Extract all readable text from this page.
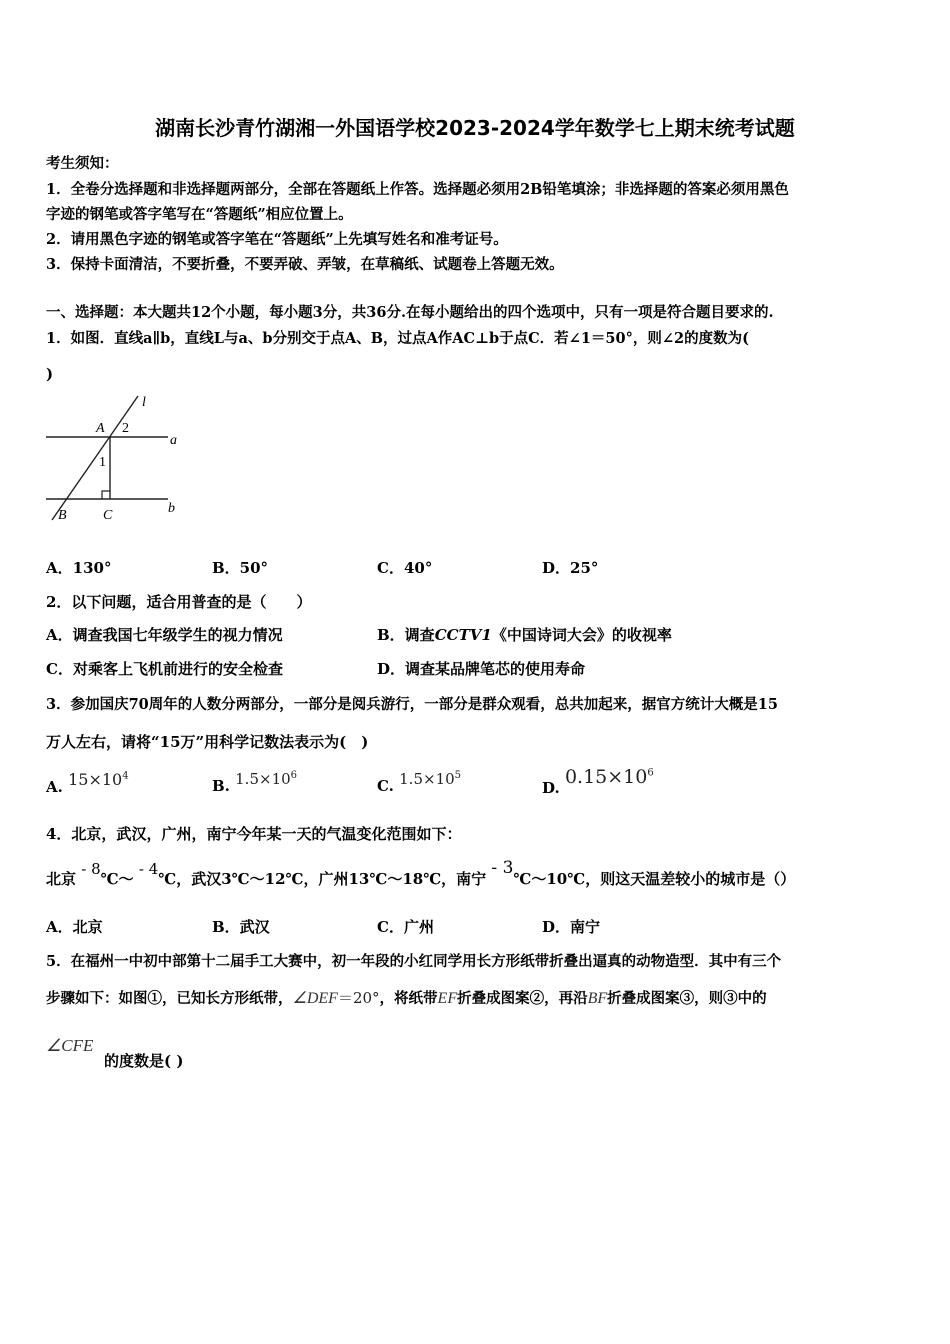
湖南长沙青竹湖湘一外国语学校2023-2024学年数学七上期末统考试题
考生须知：
1．全卷分选择题和非选择题两部分，全部在答题纸上作答。选择题必须用2B铅笔填涂；非选择题的答案必须用黑色
字迹的钢笔或答字笔写在“答题纸”相应位置上。
2．请用黑色字迹的钢笔或答字笔在“答题纸”上先填写姓名和准考证号。
3．保持卡面清洁，不要折叠，不要弄破、弄皱，在草稿纸、试题卷上答题无效。
一、选择题：本大题共12个小题，每小题3分，共36分.在每小题给出的四个选项中，只有一项是符合题目要求的.
1．如图．直线a∥b，直线L与a、b分别交于点A、B，过点A作AC⊥b于点C．若∠1＝50°，则∠2的度数为(
)
l
A 2
a
1
B	C	b
A．130°	B．50°	C．40°	D．25°
2．以下问题，适合用普查的是（　　）
A．调查我国七年级学生的视力情况	B．调查CCTV1《中国诗词大会》的收视率
C．对乘客上飞机前进行的安全检查	D．调查某品牌笔芯的使用寿命
3．参加国庆70周年的人数分两部分，一部分是阅兵游行，一部分是群众观看，总共加起来，据官方统计大概是15
万人左右，请将“15万”用科学记数法表示为(　)
A. $15\times 10^4$
B. $1.5\times 10^6$
C. $1.5\times 10^5$
D. $0.15\times 10^6$
4．北京，武汉，广州，南宁今年某一天的气温变化范围如下：
北京 - 8℃～ - 4℃，武汉3℃～12℃，广州13℃～18℃，南宁 - 3℃～10℃，则这天温差较小的城市是（）
A．北京	B．武汉	C．广州	D．南宁
5．在福州一中初中部第十二届手工大赛中，初一年段的小红同学用长方形纸带折叠出逼真的动物造型．其中有三个
步骤如下：如图①，已知长方形纸带，∠DEF＝20°，将纸带EF折叠成图案②，再沿BF折叠成图案③，则③中的
∠CFE
的度数是( )
